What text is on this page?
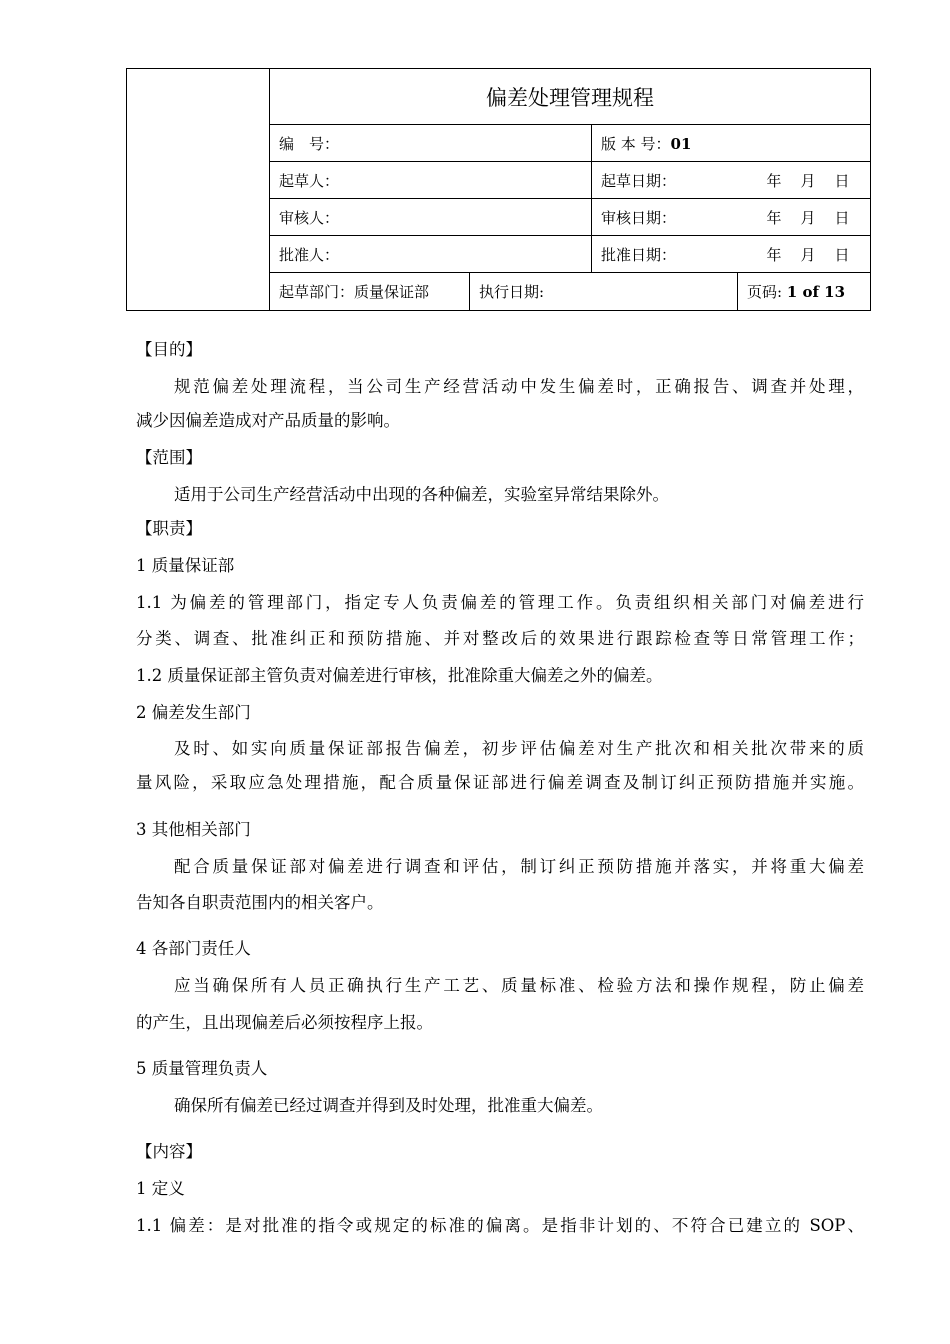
	偏差处理管理规程			
	编　号：		版 本 号：01	
	起草人：		起草日期： 年 月 日	

	审核人：		审核日期： 年 月 日	

	批准人：		批准日期： 年 月 日	

	起草部门：质量保证部	执行日期:		页码: 1 of 13
【目的】
规范偏差处理流程，当公司生产经营活动中发生偏差时，正确报告、调查并处理，
减少因偏差造成对产品质量的影响。
【范围】
适用于公司生产经营活动中出现的各种偏差，实验室异常结果除外。
【职责】
1 质量保证部
1.1 为偏差的管理部门，指定专人负责偏差的管理工作。负责组织相关部门对偏差进行
分类、调查、批准纠正和预防措施、并对整改后的效果进行跟踪检查等日常管理工作；
1.2 质量保证部主管负责对偏差进行审核，批准除重大偏差之外的偏差。
2 偏差发生部门
及时、如实向质量保证部报告偏差，初步评估偏差对生产批次和相关批次带来的质
量风险，采取应急处理措施，配合质量保证部进行偏差调查及制订纠正预防措施并实施。
3 其他相关部门
配合质量保证部对偏差进行调查和评估，制订纠正预防措施并落实，并将重大偏差
告知各自职责范围内的相关客户。
4 各部门责任人
应当确保所有人员正确执行生产工艺、质量标准、检验方法和操作规程，防止偏差
的产生，且出现偏差后必须按程序上报。
5 质量管理负责人
确保所有偏差已经过调查并得到及时处理，批准重大偏差。
【内容】
1 定义
1.1 偏差：是对批准的指令或规定的标准的偏离。是指非计划的、不符合已建立的 SOP、
